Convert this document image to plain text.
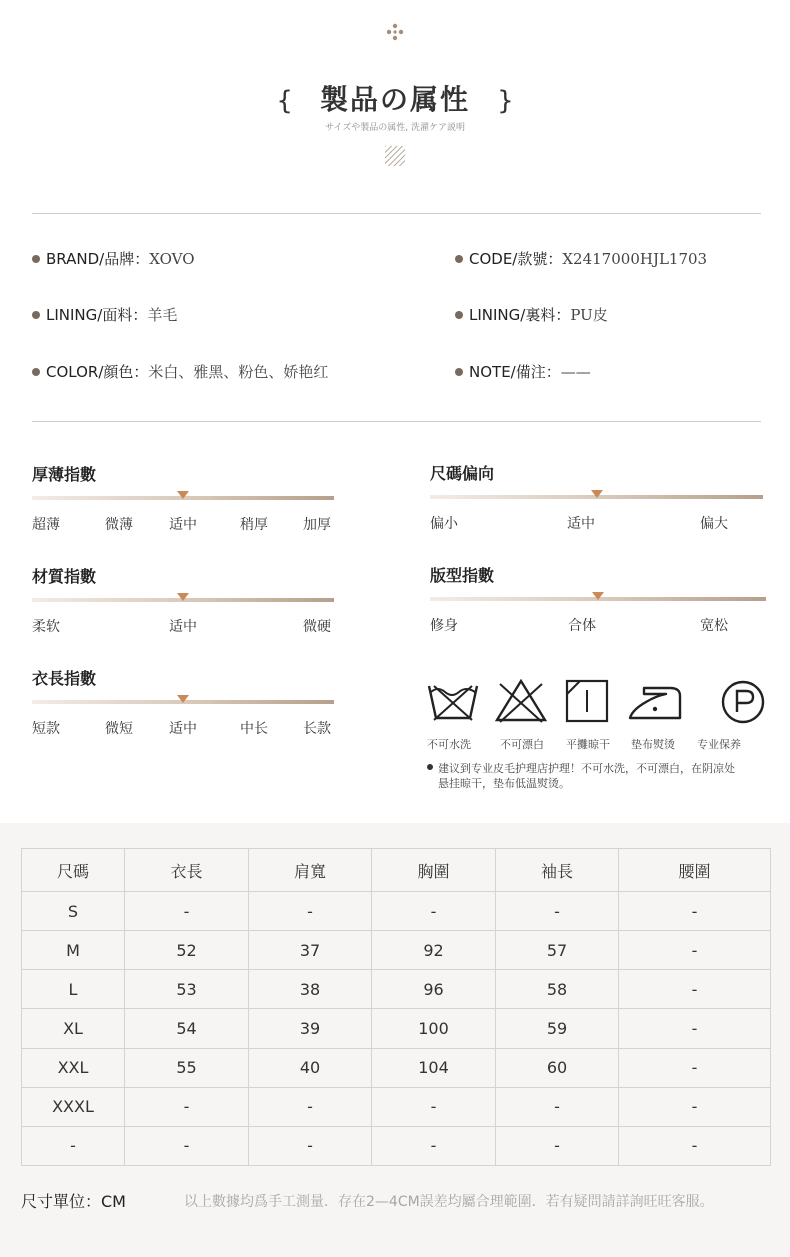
{ 製品の属性 }
サイズや製品の属性, 洗濯ケア説明
BRAND/品牌： XOVO	CODE/款號： X2417000HJL1703
LINING/面料： 羊毛	LINING/裏料： PU皮
COLOR/顔色： 米白、雅黑、粉色、娇艳红	NOTE/備注： ——
厚薄指數
超薄	微薄	适中	稍厚	加厚
尺碼偏向
偏小	适中	偏大
材質指數
柔软	适中	微硬
版型指數
修身	合体	宽松
衣長指數
短款	微短	适中	中长	长款
不可水洗	不可漂白 平攤晾干 垫布熨烫 专业保养
建议到专业皮毛护理店护理！不可水洗，不可漂白，在阴凉处
悬挂晾干，垫布低温熨烫。
尺碼	衣長	肩寬	胸圍	袖長	腰圍
S	-	-	-	-	-
M	52	37	92	57	-
L	53	38	96	58	-
XL	54	39	100	59	-
XXL	55	40	104	60	-
XXXL	-	-	-	-	-
-	-	-	-	-	-
尺寸單位：CM	以上數據均爲手工測量．存在2—4CM誤差均屬合理範圍．若有疑問請詳詢旺旺客服。
